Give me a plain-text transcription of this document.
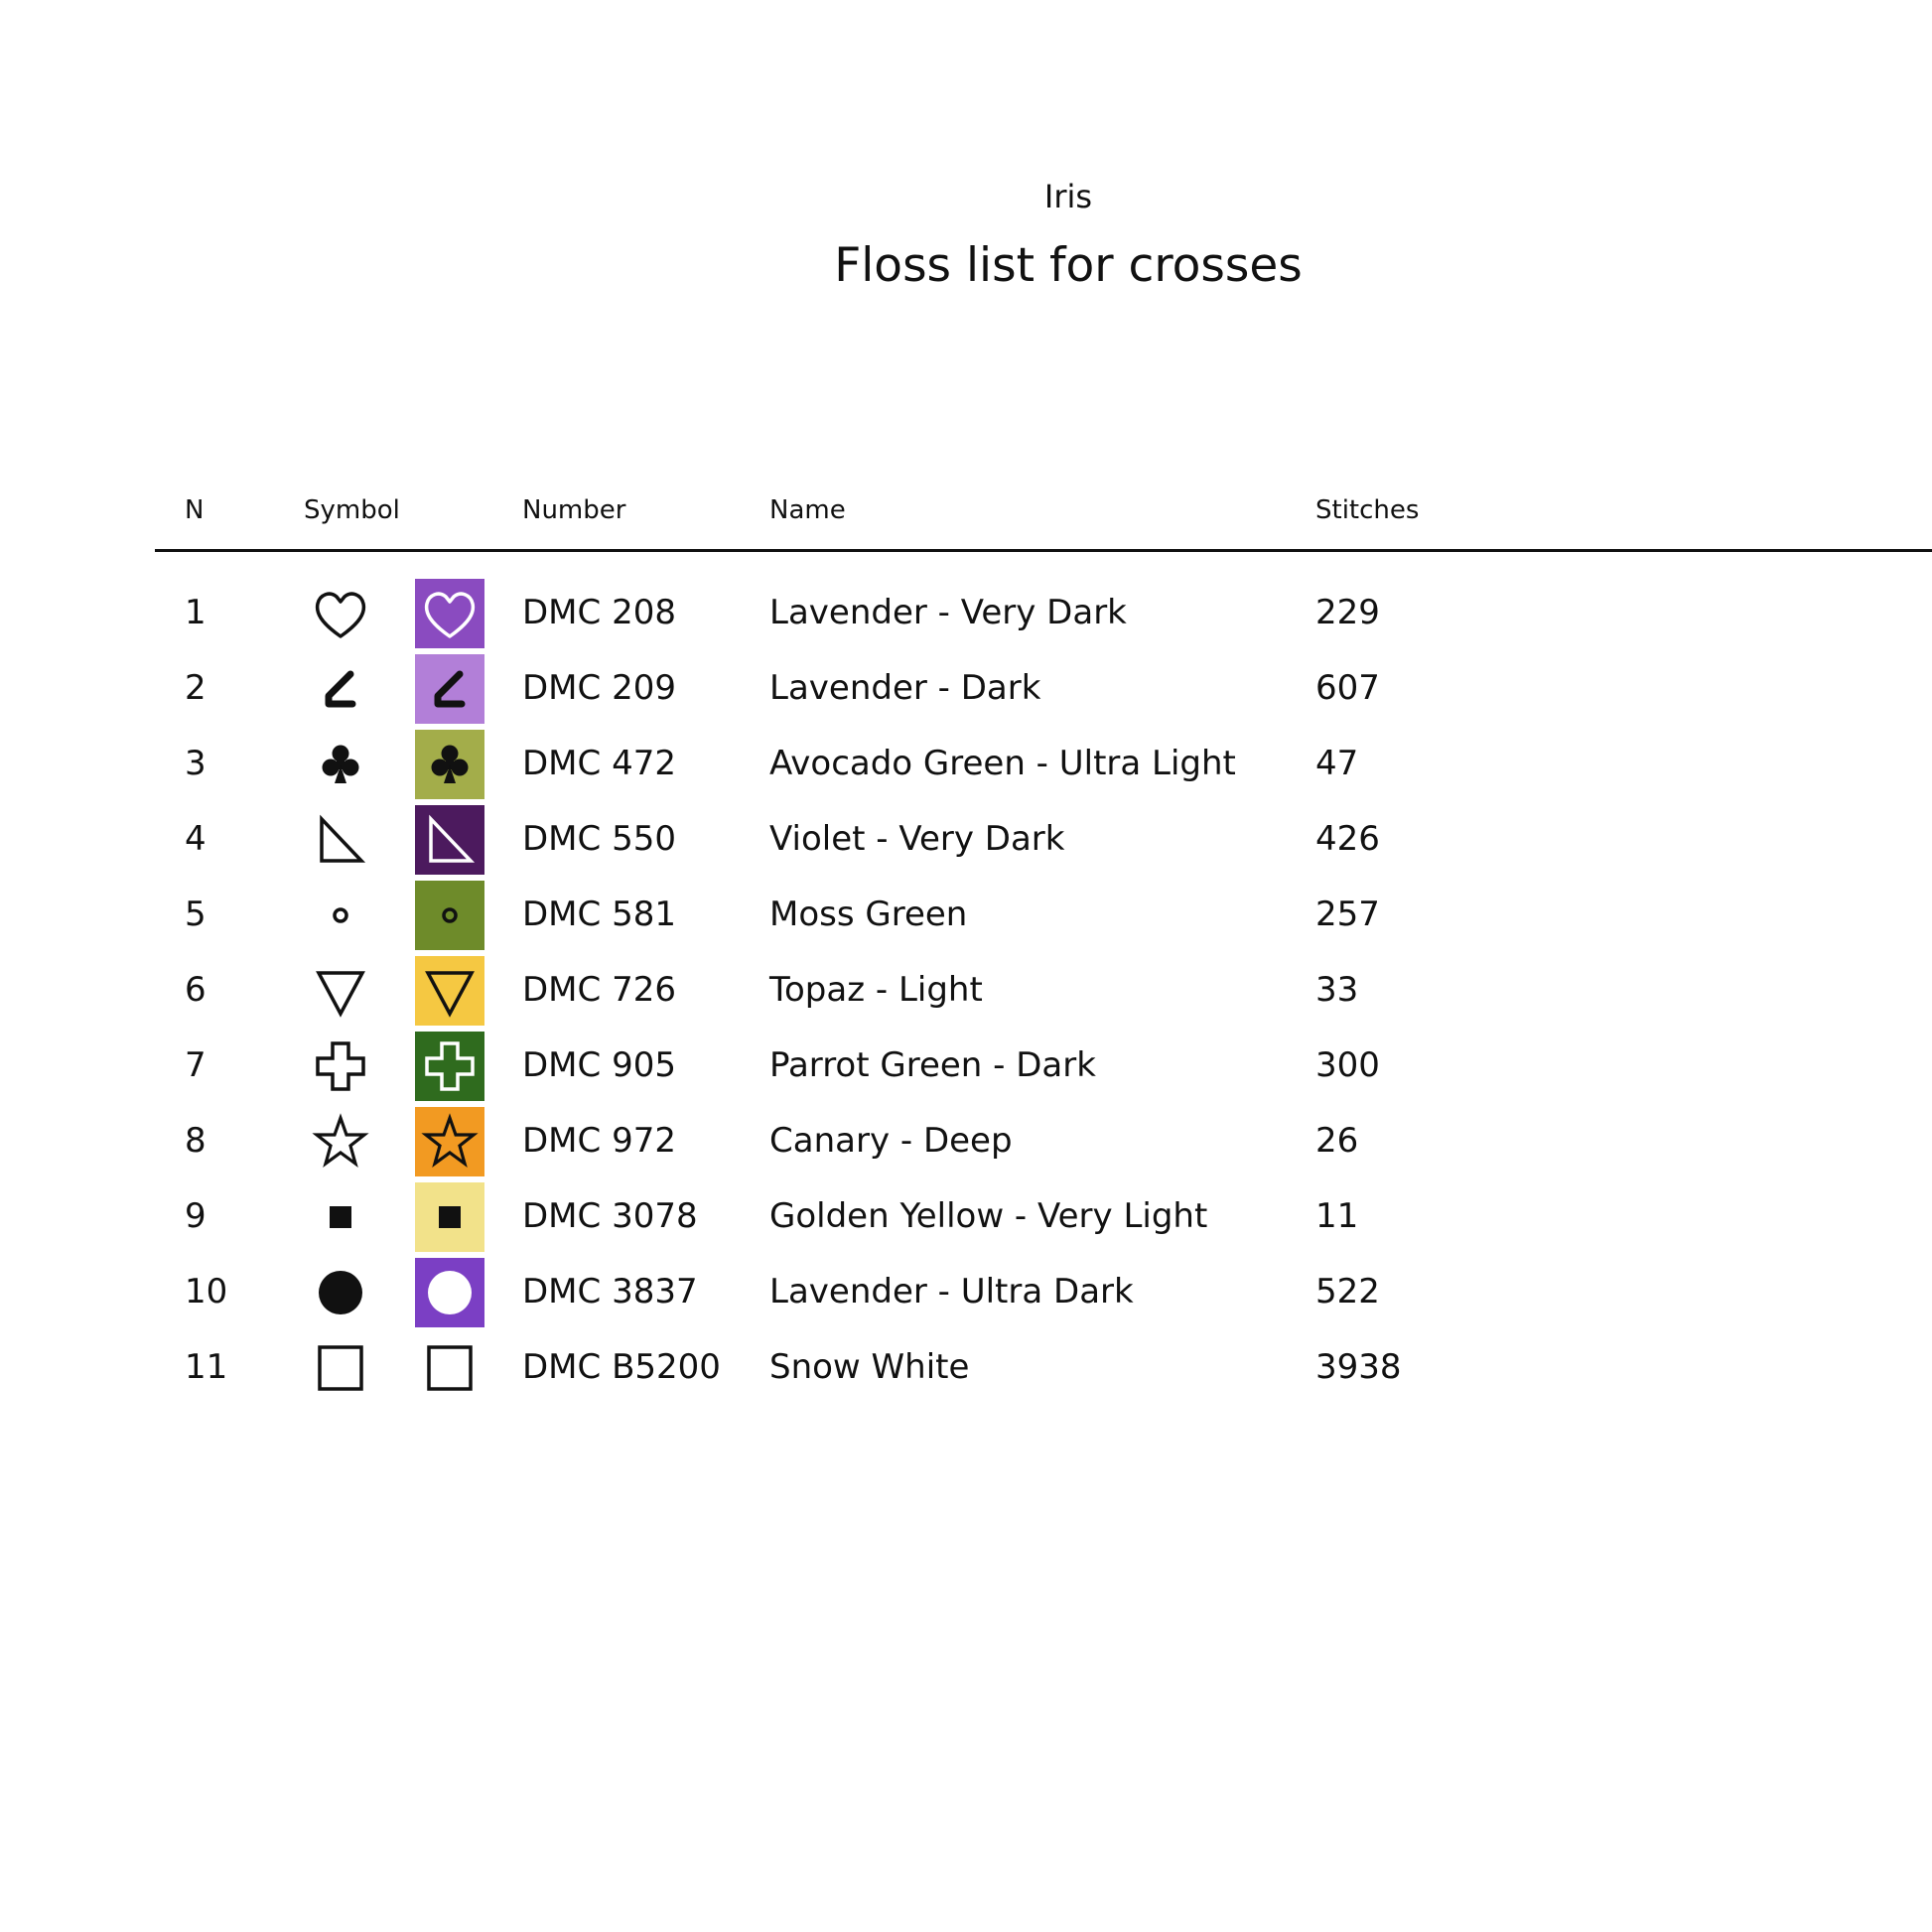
Iris
Floss list for crosses
N	Symbol	Number	Name	Stitches
1	DMC 208	Lavender - Very Dark	229
2	DMC 209	Lavender - Dark	607
3	DMC 472	Avocado Green - Ultra Light 47
4	DMC 550	Violet - Very Dark	426
5	DMC 581	Moss Green	257
6	DMC 726	Topaz - Light	33
7	DMC 905	Parrot Green - Dark	300
8	DMC 972	Canary - Deep	26
9	DMC 3078 Golden Yellow - Very Light	11
10	DMC 3837 Lavender - Ultra Dark	522
11	DMC B5200 Snow White	3938
